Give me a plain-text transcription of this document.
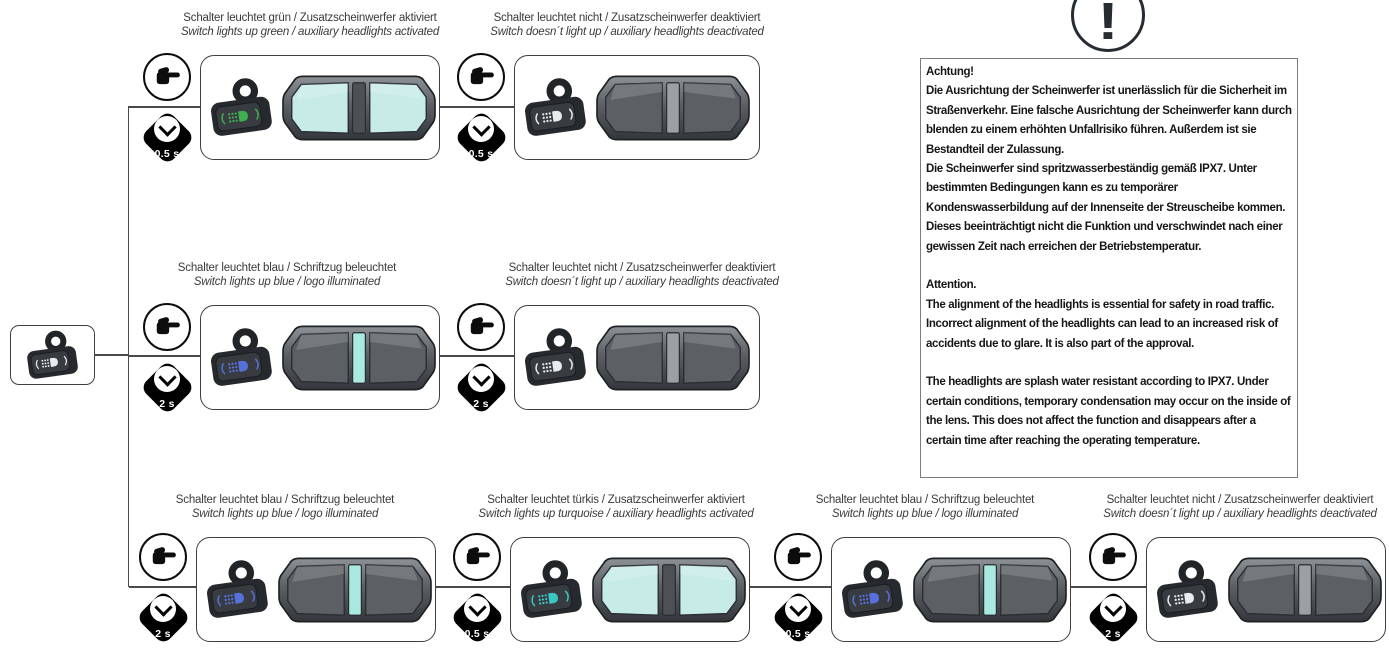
Schalter leuchtet grün / Zusatzscheinwerfer aktiviert
Switch lights up green / auxiliary headlights activated
0.5 s
Schalter leuchtet nicht / Zusatzscheinwerfer deaktiviert
Switch doesn´t light up / auxiliary headlights deactivated
0.5 s
Schalter leuchtet blau / Schriftzug beleuchtet
Switch lights up blue / logo illuminated
2 s
Schalter leuchtet nicht / Zusatzscheinwerfer deaktiviert
Switch doesn´t light up / auxiliary headlights deactivated
2 s
Schalter leuchtet blau / Schriftzug beleuchtet
Switch lights up blue / logo illuminated
2 s
Schalter leuchtet türkis / Zusatzscheinwerfer aktiviert
Switch lights up turquoise / auxiliary headlights activated
0.5 s
Schalter leuchtet blau / Schriftzug beleuchtet
Switch lights up blue / logo illuminated
0.5 s
Schalter leuchtet nicht / Zusatzscheinwerfer deaktiviert
Switch doesn´t light up / auxiliary headlights deactivated
2 s
!

Achtung!

Die Ausrichtung der Scheinwerfer ist unerlässlich für die Sicherheit im Straßenverkehr. Eine falsche Ausrichtung der Scheinwerfer kann durch blenden zu einem erhöhten Unfallrisiko führen. Außerdem ist sie Bestandteil der Zulassung.

Die Scheinwerfer sind spritzwasserbeständig gemäß IPX7. Unter bestimmten Bedingungen kann es zu temporärer Kondenswasserbildung auf der Innenseite der Streuscheibe kommen. Dieses beeinträchtigt nicht die Funktion und verschwindet nach einer gewissen Zeit nach erreichen der Betriebstemperatur.

Attention.

The alignment of the headlights is essential for safety in road traffic. Incorrect alignment of the headlights can lead to an increased risk of accidents due to glare. It is also part of the approval.

The headlights are splash water resistant according to IPX7. Under certain conditions, temporary condensation may occur on the inside of the lens. This does not affect the function and disappears after a certain time after reaching the operating temperature.
